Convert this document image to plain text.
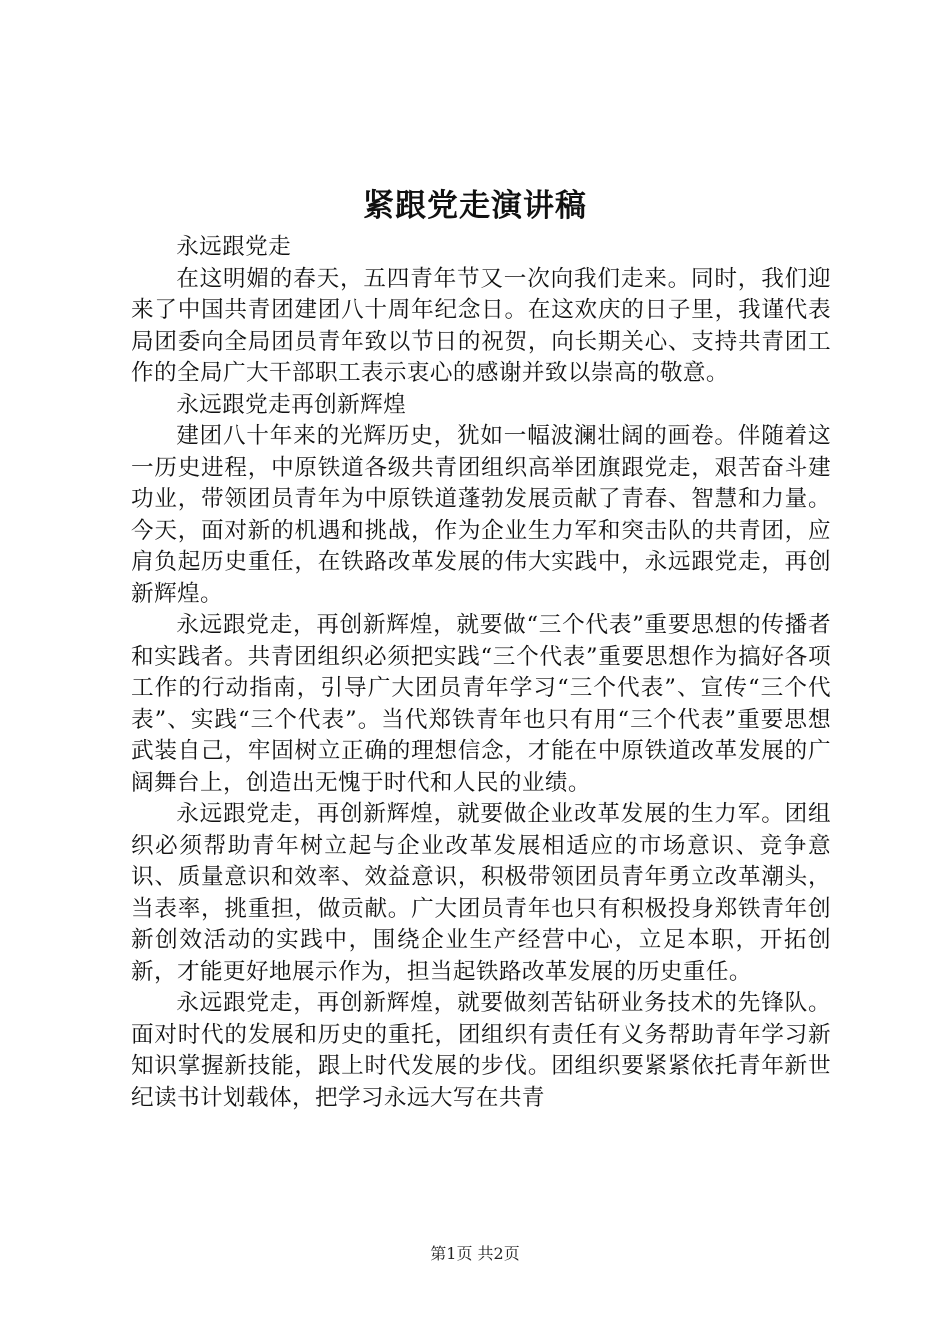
紧跟党走演讲稿

永远跟党走

在这明媚的春天，五四青年节又一次向我们走来。同时，我们迎来了中国共青团建团八十周年纪念日。在这欢庆的日子里，我谨代表局团委向全局团员青年致以节日的祝贺，向长期关心、支持共青团工作的全局广大干部职工表示衷心的感谢并致以崇高的敬意。

永远跟党走再创新辉煌

建团八十年来的光辉历史，犹如一幅波澜壮阔的画卷。伴随着这一历史进程，中原铁道各级共青团组织高举团旗跟党走，艰苦奋斗建功业，带领团员青年为中原铁道蓬勃发展贡献了青春、智慧和力量。今天，面对新的机遇和挑战，作为企业生力军和突击队的共青团，应肩负起历史重任，在铁路改革发展的伟大实践中，永远跟党走，再创新辉煌。

永远跟党走，再创新辉煌，就要做“三个代表”重要思想的传播者和实践者。共青团组织必须把实践“三个代表”重要思想作为搞好各项工作的行动指南，引导广大团员青年学习“三个代表”、宣传“三个代表”、实践“三个代表”。当代郑铁青年也只有用“三个代表”重要思想武装自己，牢固树立正确的理想信念，才能在中原铁道改革发展的广阔舞台上，创造出无愧于时代和人民的业绩。

永远跟党走，再创新辉煌，就要做企业改革发展的生力军。团组织必须帮助青年树立起与企业改革发展相适应的市场意识、竞争意识、质量意识和效率、效益意识，积极带领团员青年勇立改革潮头，当表率，挑重担，做贡献。广大团员青年也只有积极投身郑铁青年创新创效活动的实践中，围绕企业生产经营中心，立足本职，开拓创新，才能更好地展示作为，担当起铁路改革发展的历史重任。

永远跟党走，再创新辉煌，就要做刻苦钻研业务技术的先锋队。面对时代的发展和历史的重托，团组织有责任有义务帮助青年学习新知识掌握新技能，跟上时代发展的步伐。团组织要紧紧依托青年新世纪读书计划载体，把学习永远大写在共青

第1页 共2页
